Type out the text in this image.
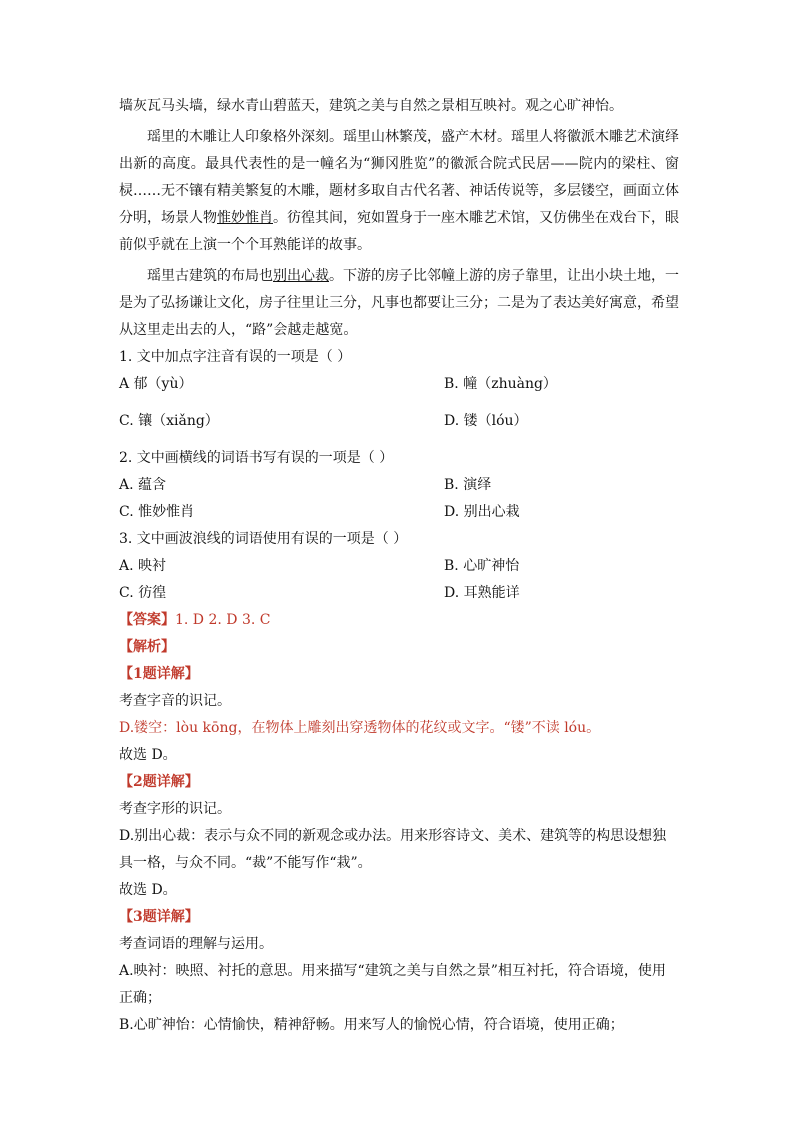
墙灰瓦马头墙，绿水青山碧蓝天，建筑之美与自然之景相互映衬。观之心旷神怡。

瑶里的木雕让人印象格外深刻。瑶里山林繁茂，盛产木材。瑶里人将徽派木雕艺术演绎出新的高度。最具代表性的是一幢名为“狮冈胜览”的徽派合院式民居——院内的梁柱、窗棂……无不镶有精美繁复的木雕，题材多取自古代名著、神话传说等，多层镂空，画面立体分明，场景人物惟妙惟肖。彷徨其间，宛如置身于一座木雕艺术馆，又仿佛坐在戏台下，眼前似乎就在上演一个个耳熟能详的故事。

瑶里古建筑的布局也别出心裁。下游的房子比邻幢上游的房子靠里，让出小块土地，一是为了弘扬谦让文化，房子往里让三分，凡事也都要让三分；二是为了表达美好寓意，希望从这里走出去的人，“路”会越走越宽。

1. 文中加点字注音有误的一项是（ ）

A 郁（yù）	B. 幢（zhuàng）
C. 镶（xiǎng）	D. 镂（lóu）

2. 文中画横线的词语书写有误的一项是（ ）

A. 蕴含	B. 演绎
C. 惟妙惟肖	D. 别出心栽

3. 文中画波浪线的词语使用有误的一项是（ ）

A. 映衬	B. 心旷神怡
C. 彷徨	D. 耳熟能详

【答案】1. D 2. D 3. C

【解析】

【1题详解】

考查字音的识记。

D.镂空：lòu kōng，在物体上雕刻出穿透物体的花纹或文字。“镂”不读 lóu。

故选 D。

【2题详解】

考查字形的识记。

D.别出心裁：表示与众不同的新观念或办法。用来形容诗文、美术、建筑等的构思设想独具一格，与众不同。“裁”不能写作“栽”。

故选 D。

【3题详解】

考查词语的理解与运用。

A.映衬：映照、衬托的意思。用来描写“建筑之美与自然之景”相互衬托，符合语境，使用正确；

B.心旷神怡：心情愉快，精神舒畅。用来写人的愉悦心情，符合语境，使用正确；
